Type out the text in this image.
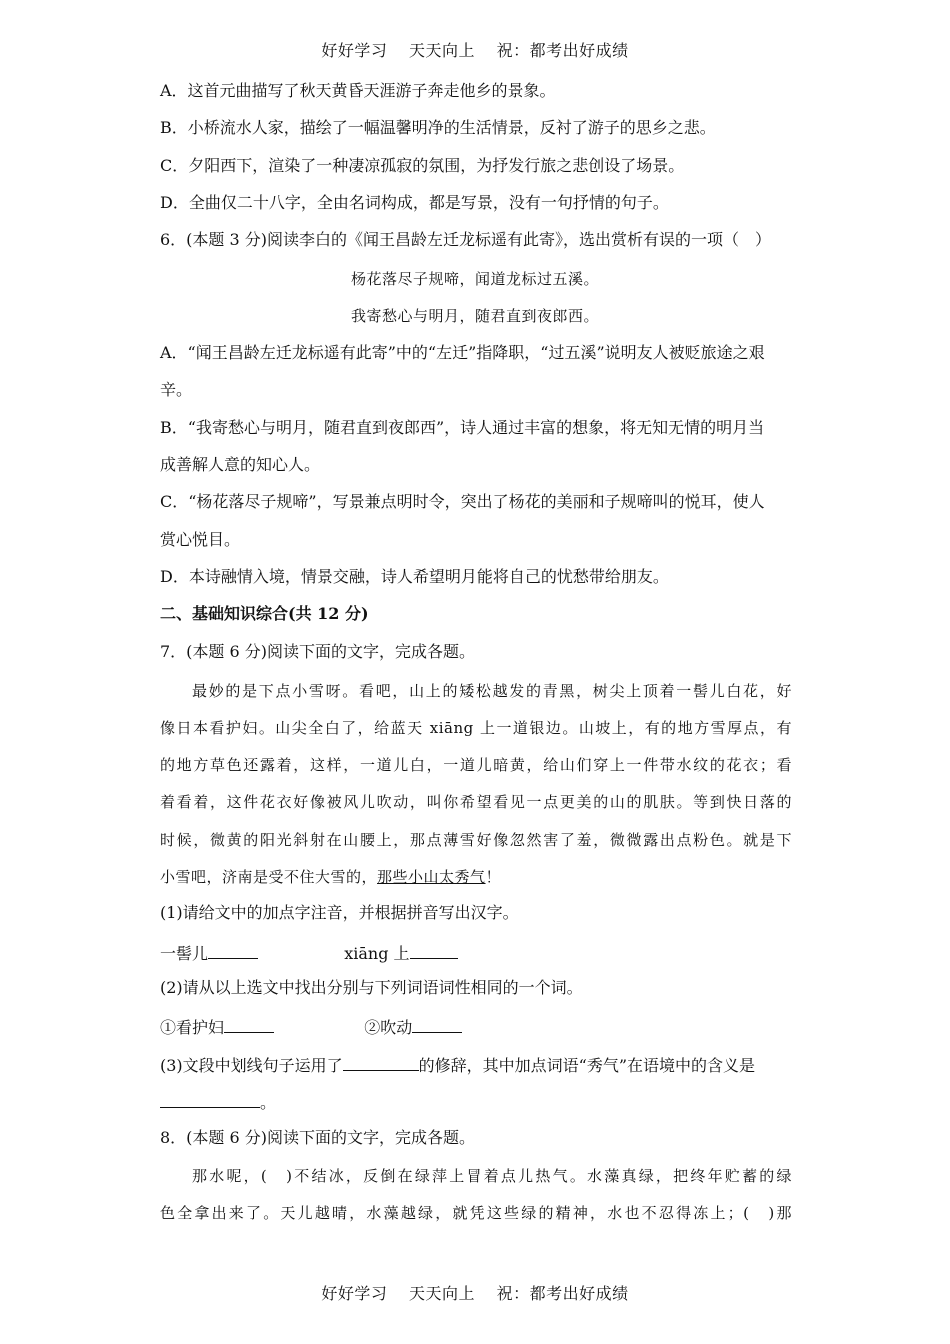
好好学习 天天向上 祝：都考出好成绩
A．这首元曲描写了秋天黄昏天涯游子奔走他乡的景象。
B．小桥流水人家，描绘了一幅温馨明净的生活情景，反衬了游子的思乡之悲。
C．夕阳西下，渲染了一种凄凉孤寂的氛围，为抒发行旅之悲创设了场景。
D．全曲仅二十八字，全由名词构成，都是写景，没有一句抒情的句子。
6．(本题 3 分)阅读李白的《闻王昌龄左迁龙标遥有此寄》，选出赏析有误的一项（　）
杨花落尽子规啼，闻道龙标过五溪。
我寄愁心与明月，随君直到夜郎西。
A．“闻王昌龄左迁龙标遥有此寄”中的“左迁”指降职，“过五溪”说明友人被贬旅途之艰
辛。
B．“我寄愁心与明月，随君直到夜郎西”，诗人通过丰富的想象，将无知无情的明月当
成善解人意的知心人。
C．“杨花落尽子规啼”，写景兼点明时令，突出了杨花的美丽和子规啼叫的悦耳，使人
赏心悦目。
D．本诗融情入境，情景交融，诗人希望明月能将自己的忧愁带给朋友。
二、基础知识综合(共 12 分)
7．(本题 6 分)阅读下面的文字，完成各题。
最妙的是下点小雪呀。看吧，山上的矮松越发的青黑，树尖上顶着一髻儿白花，好
像日本看护妇。山尖全白了，给蓝天 xiāng 上一道银边。山坡上，有的地方雪厚点，有
的地方草色还露着，这样，一道儿白，一道儿暗黄，给山们穿上一件带水纹的花衣；看
着看着，这件花衣好像被风儿吹动，叫你希望看见一点更美的山的肌肤。等到快日落的
时候，微黄的阳光斜射在山腰上，那点薄雪好像忽然害了羞，微微露出点粉色。就是下
小雪吧，济南是受不住大雪的，那些小山太秀气！
(1)请给文中的加点字注音，并根据拼音写出汉字。
一髻儿	xiāng 上
(2)请从以上选文中找出分别与下列词语词性相同的一个词。
①看护妇	②吹动
(3)文段中划线句子运用了	的修辞，其中加点词语“秀气”在语境中的含义是
。
8．(本题 6 分)阅读下面的文字，完成各题。
那水呢，(　)不结冰，反倒在绿萍上冒着点儿热气。水藻真绿，把终年贮蓄的绿
色全拿出来了。天儿越晴，水藻越绿，就凭这些绿的精神，水也不忍得冻上；(　)那
好好学习 天天向上 祝：都考出好成绩
